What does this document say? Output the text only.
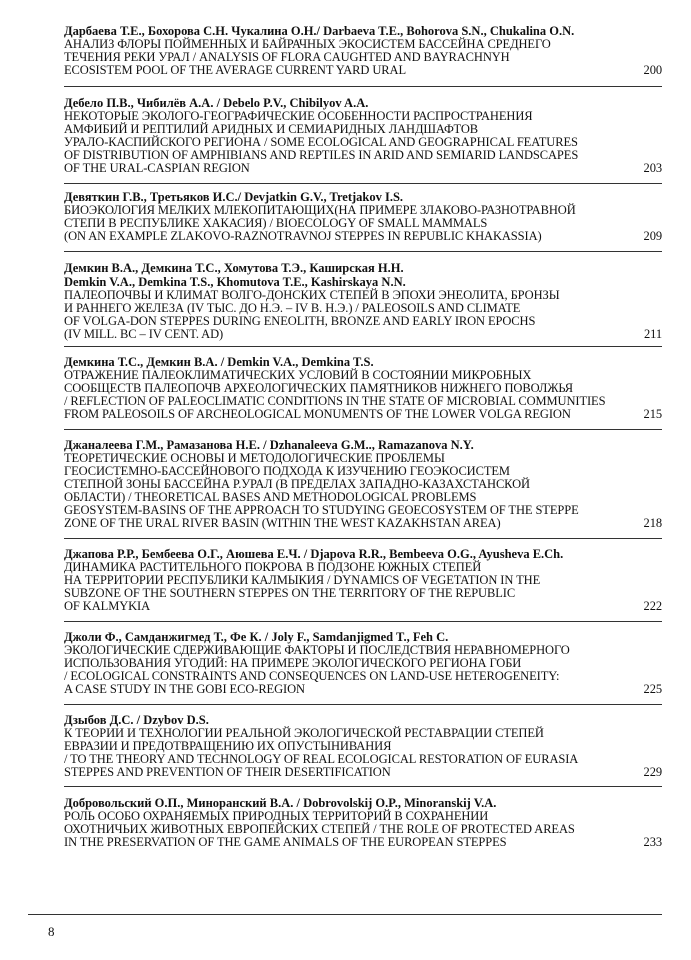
Дарбаева Т.Е., Бохорова С.Н. Чукалина О.Н./ Darbaeva T.E., Bohorova S.N., Chukalina O.N.
АНАЛИЗ ФЛОРЫ ПОЙМЕННЫХ И БАЙРАЧНЫХ ЭКОСИСТЕМ БАССЕЙНА СРЕДНЕГО
ТЕЧЕНИЯ РЕКИ УРАЛ / ANALYSIS OF FLORA CAUGHTED AND BAYRACHNYH
ECOSISTEM POOL OF THE AVERAGE CURRENT YARD URAL	200
Дебело П.В., Чибилёв А.А. / Debelo P.V., Chibilyov A.A.
НЕКОТОРЫЕ ЭКОЛОГО-ГЕОГРАФИЧЕСКИЕ ОСОБЕННОСТИ РАСПРОСТРАНЕНИЯ
АМФИБИЙ И РЕПТИЛИЙ АРИДНЫХ И СЕМИАРИДНЫХ ЛАНДШАФТОВ
УРАЛО-КАСПИЙСКОГО РЕГИОНА / SOME ECOLOGICAL AND GEOGRAPHICAL FEATURES
OF DISTRIBUTION OF AMPHIBIANS AND REPTILES IN ARID AND SEMIARID LANDSCAPES
OF THE URAL-CASPIAN REGION	203
Девяткин Г.В., Третьяков И.С./ Devjatkin G.V., Tretjakov I.S.
БИОЭКОЛОГИЯ МЕЛКИХ МЛЕКОПИТАЮЩИХ(НА ПРИМЕРЕ ЗЛАКОВО-РАЗНОТРАВНОЙ
СТЕПИ В РЕСПУБЛИКЕ ХАКАСИЯ) / BIOECOLOGY OF SMALL MAMMALS
(ON AN EXAMPLE ZLAKOVO-RAZNOTRAVNOJ STEPPES IN REPUBLIC KHAKASSIA)	209
Демкин В.А., Демкина Т.С., Хомутова Т.Э., Каширская Н.Н.
Demkin V.A., Demkina T.S., Khomutova T.E., Kashirskaya N.N.
ПАЛЕОПОЧВЫ И КЛИМАТ ВОЛГО-ДОНСКИХ СТЕПЕЙ В ЭПОХИ ЭНЕОЛИТА, БРОНЗЫ
И РАННЕГО ЖЕЛЕЗА (IV ТЫС. ДО Н.Э. – IV В. Н.Э.) / PALEOSOILS AND CLIMATE
OF VOLGA-DON STEPPES DURING ENEOLITH, BRONZE AND EARLY IRON EPOCHS
(IV MILL. BC – IV CENT. AD)	211
Демкина Т.С., Демкин В.А. / Demkin V.A., Demkina T.S.
ОТРАЖЕНИЕ ПАЛЕОКЛИМАТИЧЕСКИХ УСЛОВИЙ В СОСТОЯНИИ МИКРОБНЫХ
СООБЩЕСТВ ПАЛЕОПОЧВ АРХЕОЛОГИЧЕСКИХ ПАМЯТНИКОВ НИЖНЕГО ПОВОЛЖЬЯ
/ REFLECTION OF PALEOCLIMATIC CONDITIONS IN THE STATE OF MICROBIAL COMMUNITIES
FROM PALEOSOILS OF ARCHEOLOGICAL MONUMENTS OF THE LOWER VOLGA REGION	215
Джаналеева Г.М., Рамазанова Н.Е. / Dzhanaleeva G.M.., Ramazanova N.Y.
ТЕОРЕТИЧЕСКИЕ ОСНОВЫ И МЕТОДОЛОГИЧЕСКИЕ ПРОБЛЕМЫ
ГЕОСИСТЕМНО-БАССЕЙНОВОГО ПОДХОДА К ИЗУЧЕНИЮ ГЕОЭКОСИСТЕМ
СТЕПНОЙ ЗОНЫ БАССЕЙНА Р.УРАЛ (В ПРЕДЕЛАХ ЗАПАДНО-КАЗАХСТАНСКОЙ
ОБЛАСТИ) / THEORETICAL BASES AND METHODOLOGICAL PROBLEMS
GEOSYSTEM-BASINS OF THE APPROACH TO STUDYING GEOECOSYSTEM OF THE STEPPE
ZONE OF THE URAL RIVER BASIN (WITHIN THE WEST KAZAKHSTAN AREA)	218
Джапова Р.Р., Бембеева О.Г., Аюшева Е.Ч. / Djapova R.R., Bembeeva O.G., Ayusheva E.Ch.
ДИНАМИКА РАСТИТЕЛЬНОГО ПОКРОВА В ПОДЗОНЕ ЮЖНЫХ СТЕПЕЙ
НА ТЕРРИТОРИИ РЕСПУБЛИКИ КАЛМЫКИЯ / DYNAMICS OF VEGETATION IN THE
SUBZONE OF THE SOUTHERN STEPPES ON THE TERRITORY OF THE REPUBLIC
OF KALMYKIA	222
Джоли Ф., Самданжигмед Т., Фе К. / Joly F., Samdanjigmed T., Feh C.
ЭКОЛОГИЧЕСКИЕ СДЕРЖИВАЮЩИЕ ФАКТОРЫ И ПОСЛЕДСТВИЯ НЕРАВНОМЕРНОГО
ИСПОЛЬЗОВАНИЯ УГОДИЙ: НА ПРИМЕРЕ ЭКОЛОГИЧЕСКОГО РЕГИОНА ГОБИ
/ ECOLOGICAL CONSTRAINTS AND CONSEQUENCES ON LAND-USE HETEROGENEITY:
A CASE STUDY IN THE GOBI ECO-REGION	225
Дзыбов Д.С. / Dzybov D.S.
К ТЕОРИИ И ТЕХНОЛОГИИ РЕАЛЬНОЙ ЭКОЛОГИЧЕСКОЙ РЕСТАВРАЦИИ СТЕПЕЙ
ЕВРАЗИИ И ПРЕДОТВРАЩЕНИЮ ИХ ОПУСТЫНИВАНИЯ
/ TO THE THEORY AND TECHNOLOGY OF REAL ECOLOGICAL RESTORATION OF EURASIA
STEPPES AND PREVENTION OF THEIR DESERTIFICATION	229
Добровольский О.П., Миноранский В.А. / Dobrovolskij O.P., Minoranskij V.A.
РОЛЬ ОСОБО ОХРАНЯЕМЫХ ПРИРОДНЫХ ТЕРРИТОРИЙ В СОХРАНЕНИИ
ОХОТНИЧЬИХ ЖИВОТНЫХ ЕВРОПЕЙСКИХ СТЕПЕЙ / THE ROLE OF PROTECTED AREAS
IN THE PRESERVATION OF THE GAME ANIMALS OF THE EUROPEAN STEPPES	233
8
